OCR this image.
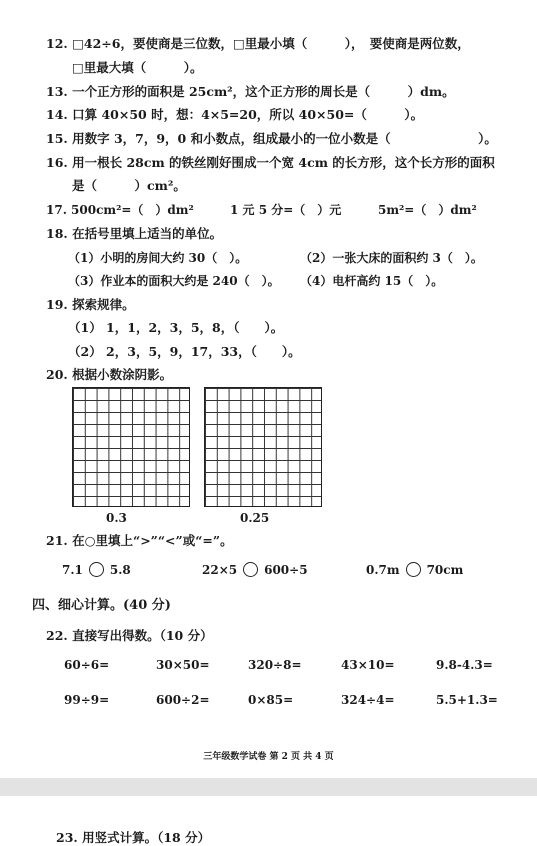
12. □42÷6，要使商是三位数，□里最小填（　　　），　要使商是两位数，
□里最大填（　　　）。
13. 一个正方形的面积是 25cm²，这个正方形的周长是（　　　）dm。
14. 口算 40×50 时，想：4×5=20，所以 40×50=（　　　）。
15. 用数字 3，7，9，0 和小数点，组成最小的一位小数是（　　　　　　　）。
16. 用一根长 28cm 的铁丝刚好围成一个宽 4cm 的长方形，这个长方形的面积
是（　　　）cm²。
17. 500cm²=（　）dm²	1 元 5 分=（　）元	5m²=（　）dm²
18. 在括号里填上适当的单位。
（1）小明的房间大约 30（　）。	（2）一张大床的面积约 3（　）。
（3）作业本的面积大约是 240（　）。 （4）电杆高约 15（　）。
19. 探索规律。
（1） 1，1，2，3，5，8，（　　）。
（2） 2，3，5，9，17，33，（　　）。
20. 根据小数涂阴影。
0.3	0.25
21. 在○里填上“>”“<”或“=”。
7.1 5.8	22×5 600÷5	0.7m 70cm
四、细心计算。(40 分)
22. 直接写出得数。（10 分）
60÷6=	30×50=	320÷8=	43×10=	9.8-4.3=
99÷9=	600÷2=	0×85=	324÷4=	5.5+1.3=
三年级数学试卷 第 2 页 共 4 页
23. 用竖式计算。（18 分）
